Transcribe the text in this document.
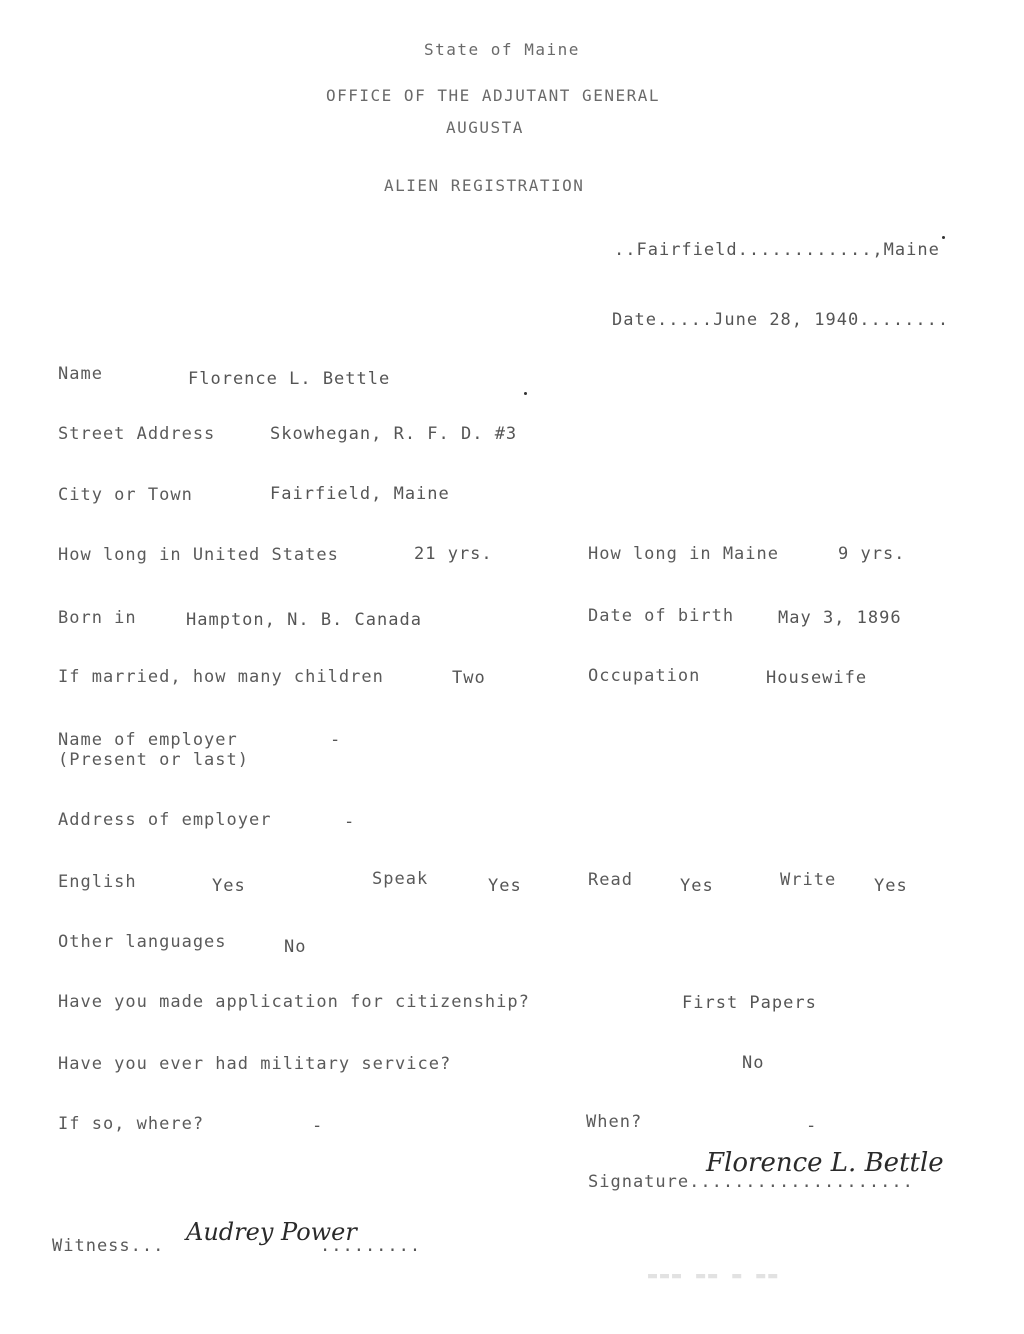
State of Maine
OFFICE OF THE ADJUTANT GENERAL
AUGUSTA
ALIEN REGISTRATION
..Fairfield............,Maine
Date.....June 28, 1940........
Name	Florence L. Bettle
Street Address	Skowhegan, R. F. D. #3
City or Town	Fairfield, Maine
How long in United States	21 yrs.	How long in Maine	9 yrs.
Born in	Hampton, N. B. Canada	Date of birth	May 3, 1896
If married, how many children	Two	Occupation	Housewife
Name of employer
(Present or last)
-
Address of employer	-
English	Yes	Speak	Yes	Read	Yes	Write Yes
Other languages	No
Have you made application for citizenship?	First Papers
Have you ever had military service?	No
If so, where?	-	When?	-
Signature....................
Florence L. Bettle
Witness... Audrey Power
.........
▬▬▬ ▬▬ ▬ ▬▬
